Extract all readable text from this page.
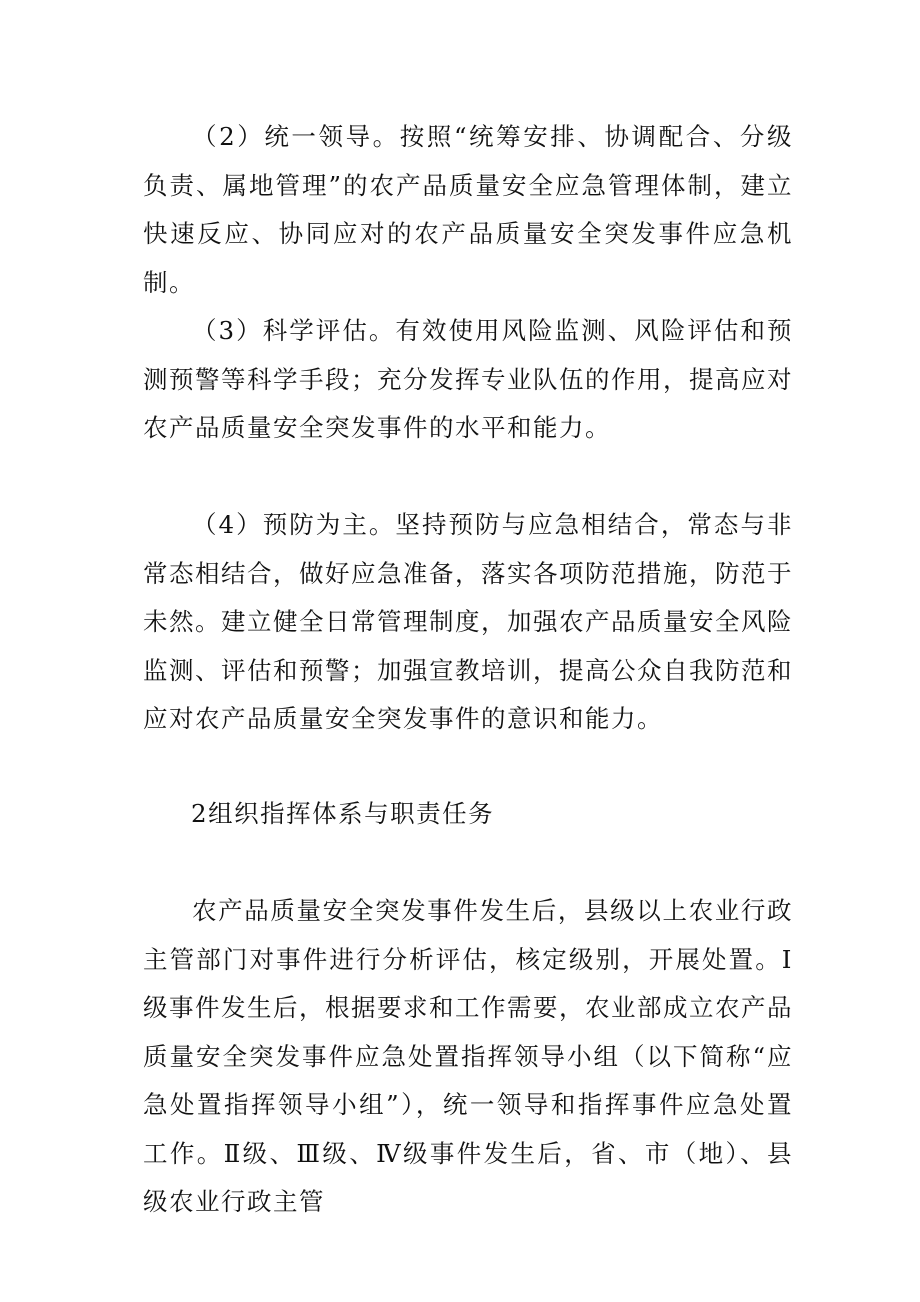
（2）统一领导。按照“统筹安排、协调配合、分级负责、属地管理”的农产品质量安全应急管理体制，建立快速反应、协同应对的农产品质量安全突发事件应急机制。

（3）科学评估。有效使用风险监测、风险评估和预测预警等科学手段；充分发挥专业队伍的作用，提高应对农产品质量安全突发事件的水平和能力。

（4）预防为主。坚持预防与应急相结合，常态与非常态相结合，做好应急准备，落实各项防范措施，防范于未然。建立健全日常管理制度，加强农产品质量安全风险监测、评估和预警；加强宣教培训，提高公众自我防范和应对农产品质量安全突发事件的意识和能力。

2组织指挥体系与职责任务

农产品质量安全突发事件发生后，县级以上农业行政主管部门对事件进行分析评估，核定级别，开展处置。Ⅰ级事件发生后，根据要求和工作需要，农业部成立农产品质量安全突发事件应急处置指挥领导小组（以下简称“应急处置指挥领导小组”），统一领导和指挥事件应急处置工作。Ⅱ级、Ⅲ级、Ⅳ级事件发生后，省、市（地）、县级农业行政主管
